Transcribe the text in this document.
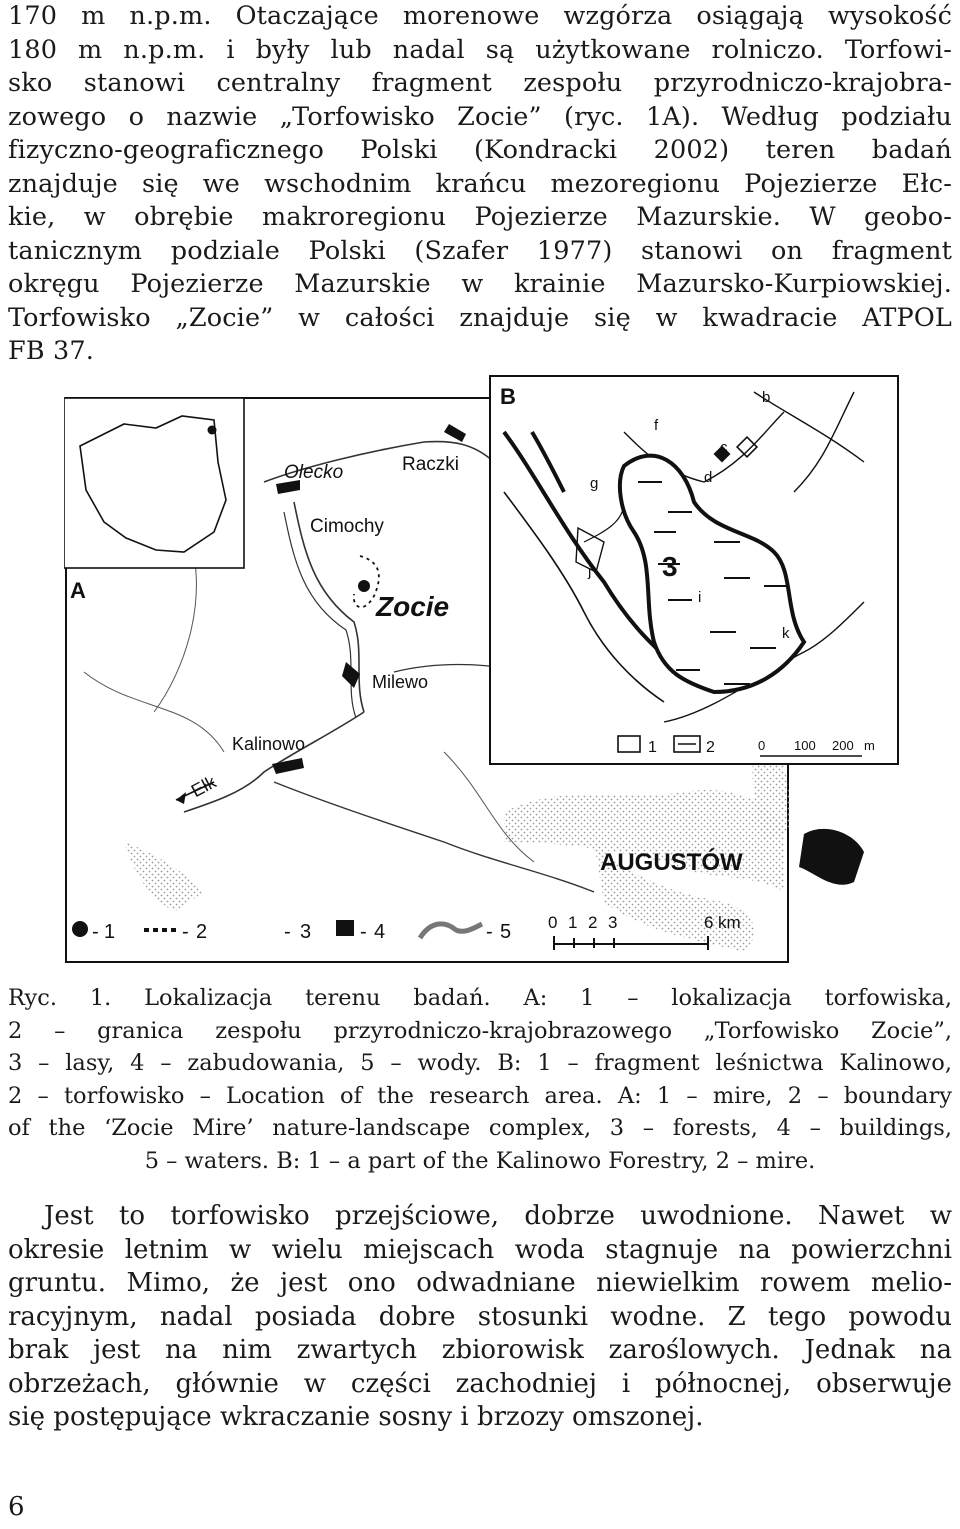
170 m n.p.m. Otaczające morenowe wzgórza osiągają wysokość
180 m n.p.m. i były lub nadal są użytkowane rolniczo. Torfowi-
sko stanowi centralny fragment zespołu przyrodniczo-krajobra-
zowego o nazwie „Torfowisko Zocie” (ryc. 1A). Według podziału
fizyczno-geograficznego Polski (Kondracki 2002) teren badań
znajduje się we wschodnim krańcu mezoregionu Pojezierze Ełc-
kie, w obrębie makroregionu Pojezierze Mazurskie. W geobo-
tanicznym podziale Polski (Szafer 1977) stanowi on fragment
okręgu Pojezierze Mazurskie w krainie Mazursko-Kurpiowskiej.
Torfowisko „Zocie” w całości znajduje się w kwadracie ATPOL
FB 37.
A
Olecko	Raczki
Cimochy
Zocie
Milewo
Kalinowo
Ełk
AUGUSTÓW
- 1	- 2	- 3 - 4	- 5 0 1 2 3	6 km
B	b
c
d
f
g
j
i
k
3
1	2	0 100 200 m
Ryc. 1. Lokalizacja terenu badań. A: 1 – lokalizacja torfowiska,
2 – granica zespołu przyrodniczo-krajobrazowego „Torfowisko Zocie”,
3 – lasy, 4 – zabudowania, 5 – wody. B: 1 – fragment leśnictwa Kalinowo,
2 – torfowisko – Location of the research area. A: 1 – mire, 2 – boundary
of the ‘Zocie Mire’ nature-landscape complex, 3 – forests, 4 – buildings,
5 – waters. B: 1 – a part of the Kalinowo Forestry, 2 – mire.
Jest to torfowisko przejściowe, dobrze uwodnione. Nawet w
okresie letnim w wielu miejscach woda stagnuje na powierzchni
gruntu. Mimo, że jest ono odwadniane niewielkim rowem melio-
racyjnym, nadal posiada dobre stosunki wodne. Z tego powodu
brak jest na nim zwartych zbiorowisk zaroślowych. Jednak na
obrzeżach, głównie w części zachodniej i północnej, obserwuje
się postępujące wkraczanie sosny i brzozy omszonej.
6
